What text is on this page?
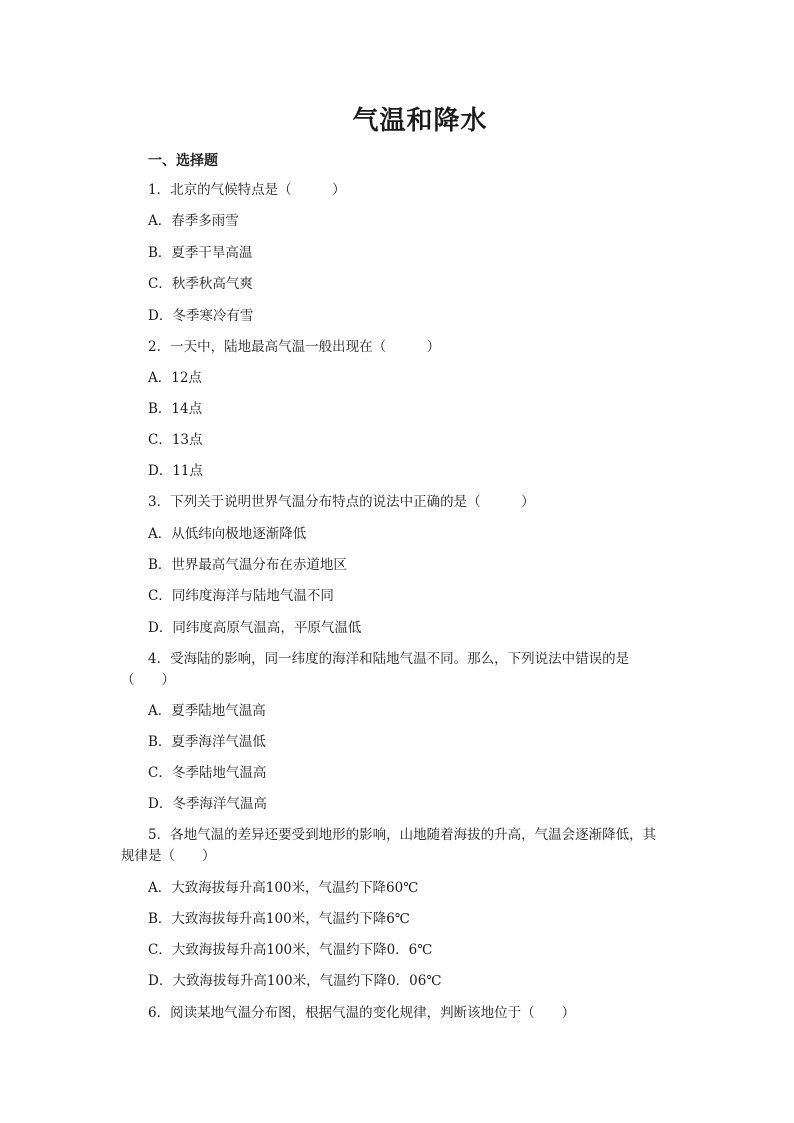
气温和降水
一、选择题
1．北京的气候特点是（　　　）
A．春季多雨雪
B．夏季干旱高温
C．秋季秋高气爽
D．冬季寒冷有雪
2．一天中，陆地最高气温一般出现在（　　　）
A．12点
B．14点
C．13点
D．11点
3．下列关于说明世界气温分布特点的说法中正确的是（　　　）
A．从低纬向极地逐渐降低
B．世界最高气温分布在赤道地区
C．同纬度海洋与陆地气温不同
D．同纬度高原气温高，平原气温低
4．受海陆的影响，同一纬度的海洋和陆地气温不同。那么，下列说法中错误的是
（　　）
A．夏季陆地气温高
B．夏季海洋气温低
C．冬季陆地气温高
D．冬季海洋气温高
5．各地气温的差异还要受到地形的影响，山地随着海拔的升高，气温会逐渐降低，其
规律是（　　）
A．大致海拔每升高100米，气温约下降60℃
B．大致海拔每升高100米，气温约下降6℃
C．大致海拔每升高100米，气温约下降0．6℃
D．大致海拔每升高100米，气温约下降0．06℃
6．阅读某地气温分布图，根据气温的变化规律，判断该地位于（　　）
